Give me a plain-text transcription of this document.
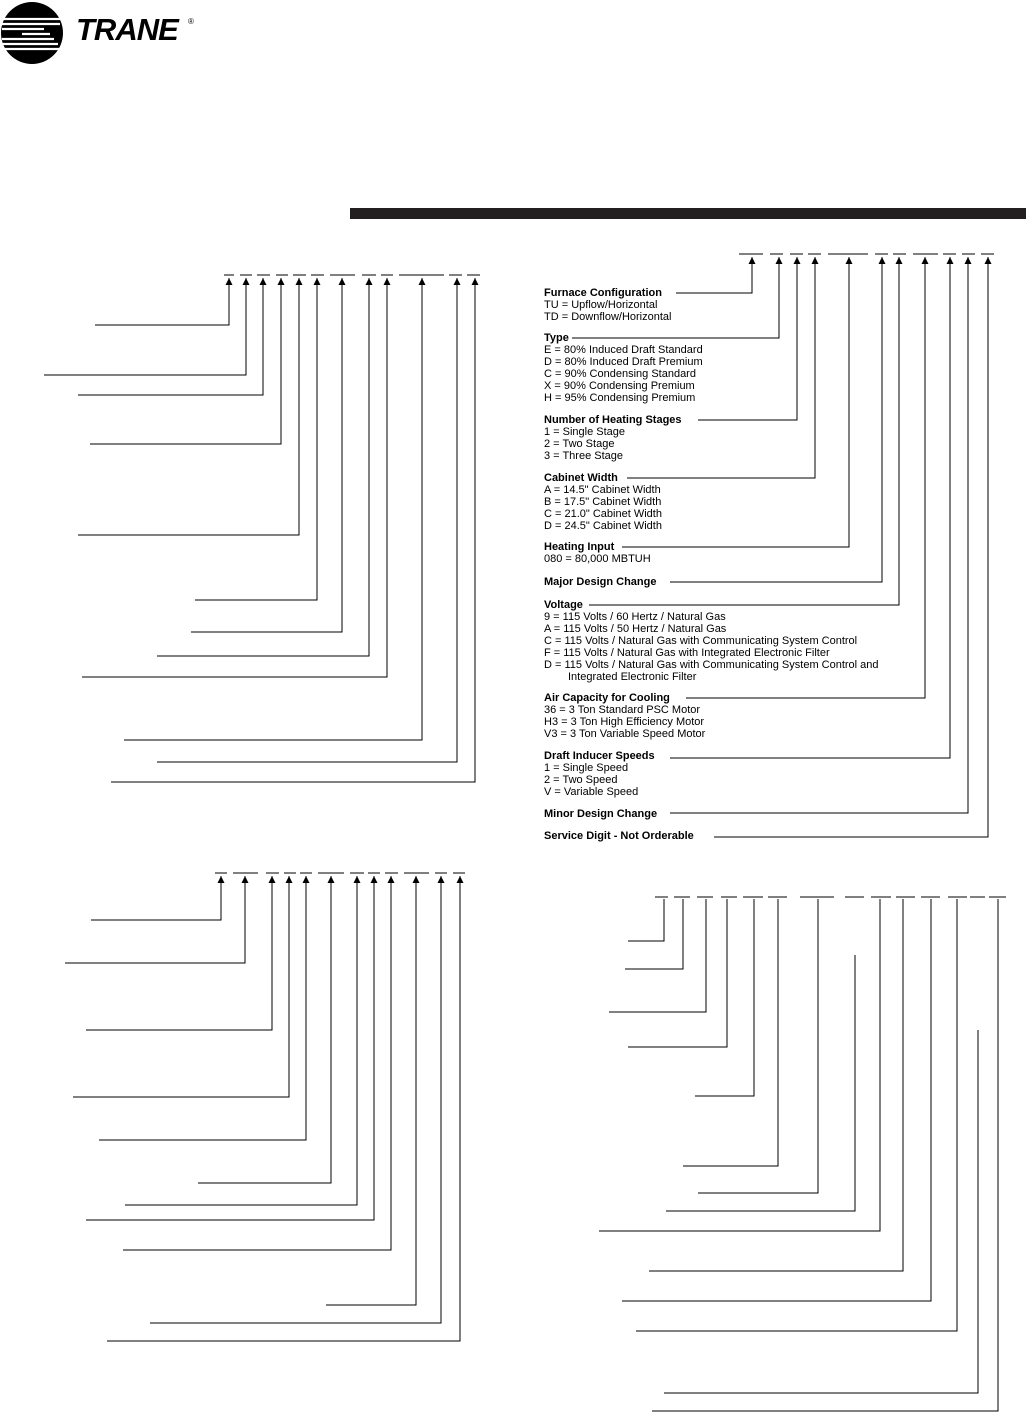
TRANE ®
Furnace Configuration
TU = Upflow/Horizontal
TD = Downflow/Horizontal
Type
E = 80% Induced Draft Standard
D = 80% Induced Draft Premium
C = 90% Condensing Standard
X = 90% Condensing Premium
H = 95% Condensing Premium
Number of Heating Stages
1 = Single Stage
2 = Two Stage
3 = Three Stage
Cabinet Width
A = 14.5" Cabinet Width
B = 17.5" Cabinet Width
C = 21.0" Cabinet Width
D = 24.5" Cabinet Width
Heating Input
080 = 80,000 MBTUH
Major Design Change
Voltage
9 = 115 Volts / 60 Hertz / Natural Gas
A = 115 Volts / 50 Hertz / Natural Gas
C = 115 Volts / Natural Gas with Communicating System Control
F = 115 Volts / Natural Gas with Integrated Electronic Filter
D = 115 Volts / Natural Gas with Communicating System Control and
Integrated Electronic Filter
Air Capacity for Cooling
36 = 3 Ton Standard PSC Motor
H3 = 3 Ton High Efficiency Motor
V3 = 3 Ton Variable Speed Motor
Draft Inducer Speeds
1 = Single Speed
2 = Two Speed
V = Variable Speed
Minor Design Change
Service Digit - Not Orderable
